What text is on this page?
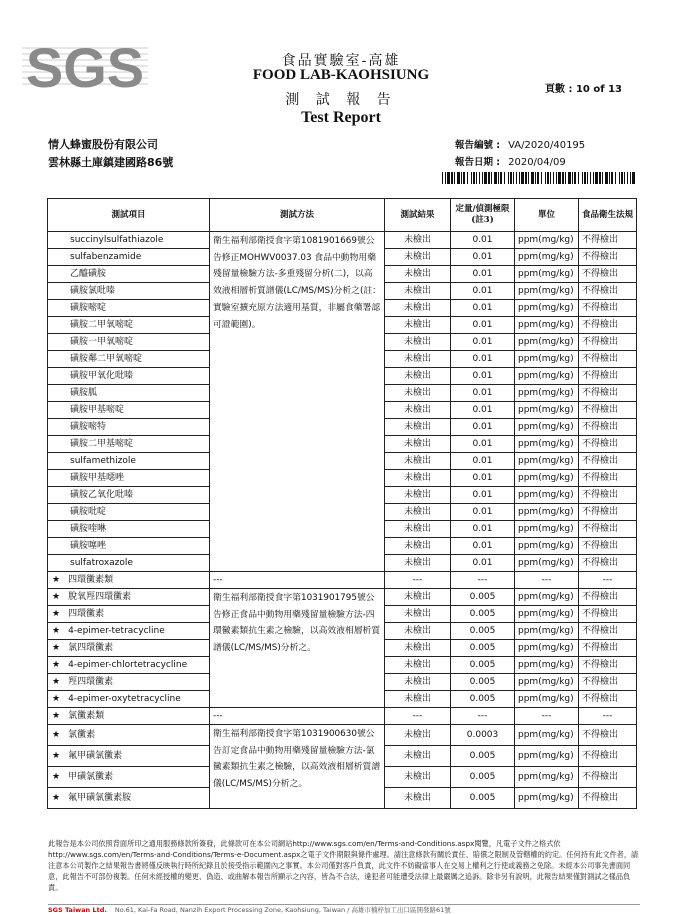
SGS	食品實驗室-高雄
FOOD LAB-KAOHSIUNG
測 試 報 告
Test Report
頁數 : 10 of 13
情人蜂蜜股份有限公司
雲林縣土庫鎮建國路86號
報告編號 : VA/2020/40195
報告日期 : 2020/04/09
測試項目	測試方法	測試結果	定量/偵測極限(註3)	單位	食品衛生法規
succinylsulfathiazole	衛生福利部衛授食字第1081901669號公告修正MOHWV0037.03 食品中動物用藥殘留量檢驗方法-多重殘留分析(二)，以高效液相層析質譜儀(LC/MS/MS)分析之(註：實驗室擴充原方法適用基質，非屬食藥署認可證範圍)。	未檢出	0.01	ppm(mg/kg)	不得檢出
sulfabenzamide		未檢出	0.01	ppm(mg/kg)	不得檢出
乙醯磺胺		未檢出	0.01	ppm(mg/kg)	不得檢出
磺胺氯吡嗪		未檢出	0.01	ppm(mg/kg)	不得檢出
磺胺嘧啶		未檢出	0.01	ppm(mg/kg)	不得檢出
磺胺二甲氧嘧啶		未檢出	0.01	ppm(mg/kg)	不得檢出
磺胺一甲氧嘧啶		未檢出	0.01	ppm(mg/kg)	不得檢出
磺胺鄰二甲氧嘧啶		未檢出	0.01	ppm(mg/kg)	不得檢出
磺胺甲氧化吡嗪		未檢出	0.01	ppm(mg/kg)	不得檢出
磺胺胍		未檢出	0.01	ppm(mg/kg)	不得檢出
磺胺甲基嘧啶		未檢出	0.01	ppm(mg/kg)	不得檢出
磺胺嘧特		未檢出	0.01	ppm(mg/kg)	不得檢出
磺胺二甲基嘧啶		未檢出	0.01	ppm(mg/kg)	不得檢出
sulfamethizole		未檢出	0.01	ppm(mg/kg)	不得檢出
磺胺甲基噁唑		未檢出	0.01	ppm(mg/kg)	不得檢出
磺胺乙氧化吡嗪		未檢出	0.01	ppm(mg/kg)	不得檢出
磺胺吡啶		未檢出	0.01	ppm(mg/kg)	不得檢出
磺胺喹啉		未檢出	0.01	ppm(mg/kg)	不得檢出
磺胺噻唑		未檢出	0.01	ppm(mg/kg)	不得檢出
sulfatroxazole		未檢出	0.01	ppm(mg/kg)	不得檢出
★ 四環黴素類	---	---	---	---	---
★ 脫氧羥四環黴素	衛生福利部衛授食字第1031901795號公告修正食品中動物用藥殘留量檢驗方法-四環黴素類抗生素之檢驗，以高效液相層析質譜儀(LC/MS/MS)分析之。	未檢出	0.005	ppm(mg/kg)	不得檢出
★ 四環黴素		未檢出	0.005	ppm(mg/kg)	不得檢出
★ 4-epimer-tetracycline		未檢出	0.005	ppm(mg/kg)	不得檢出
★ 氯四環黴素		未檢出	0.005	ppm(mg/kg)	不得檢出
★ 4-epimer-chlortetracycline		未檢出	0.005	ppm(mg/kg)	不得檢出
★ 羥四環黴素		未檢出	0.005	ppm(mg/kg)	不得檢出
★ 4-epimer-oxytetracycline		未檢出	0.005	ppm(mg/kg)	不得檢出
★ 氯黴素類	---	---	---	---	---
★ 氯黴素	衛生福利部衛授食字第1031900630號公告訂定食品中動物用藥殘留量檢驗方法-氯黴素類抗生素之檢驗，以高效液相層析質譜儀(LC/MS/MS)分析之。	未檢出	0.0003	ppm(mg/kg)	不得檢出
★ 氟甲磺氯黴素		未檢出	0.005	ppm(mg/kg)	不得檢出
★ 甲磺氯黴素		未檢出	0.005	ppm(mg/kg)	不得檢出
★ 氟甲磺氯黴素胺		未檢出	0.005	ppm(mg/kg)	不得檢出
此報告是本公司依照背面所印之通用服務條款所簽發，此條款可在本公司網站http://www.sgs.com/en/Terms-and-Conditions.aspx閱覽，凡電子文件之格式依http://www.sgs.com/en/Terms-and-Conditions/Terms-e-Document.aspx之電子文件期限與條件處理。請注意條款有關於責任、賠償之限制及管轄權的約定。任何持有此文件者，請注意本公司製作之結果報告書將僅反映執行時所紀錄且於接受指示範圍內之事實。本公司僅對客戶負責，此文件不妨礙當事人在交易上權利之行使或義務之免除。未經本公司事先書面同意，此報告不可部份複製。任何未經授權的變更、偽造、或曲解本報告所顯示之內容，皆為不合法，違犯者可能遭受法律上最嚴厲之追訴。除非另有說明，此報告結果僅對測試之樣品負責。
SGS Taiwan Ltd. No.61, Kai-Fa Road, Nanzih Export Processing Zone, Kaohsiung, Taiwan / 高雄市楠梓加工出口區開發路61號
